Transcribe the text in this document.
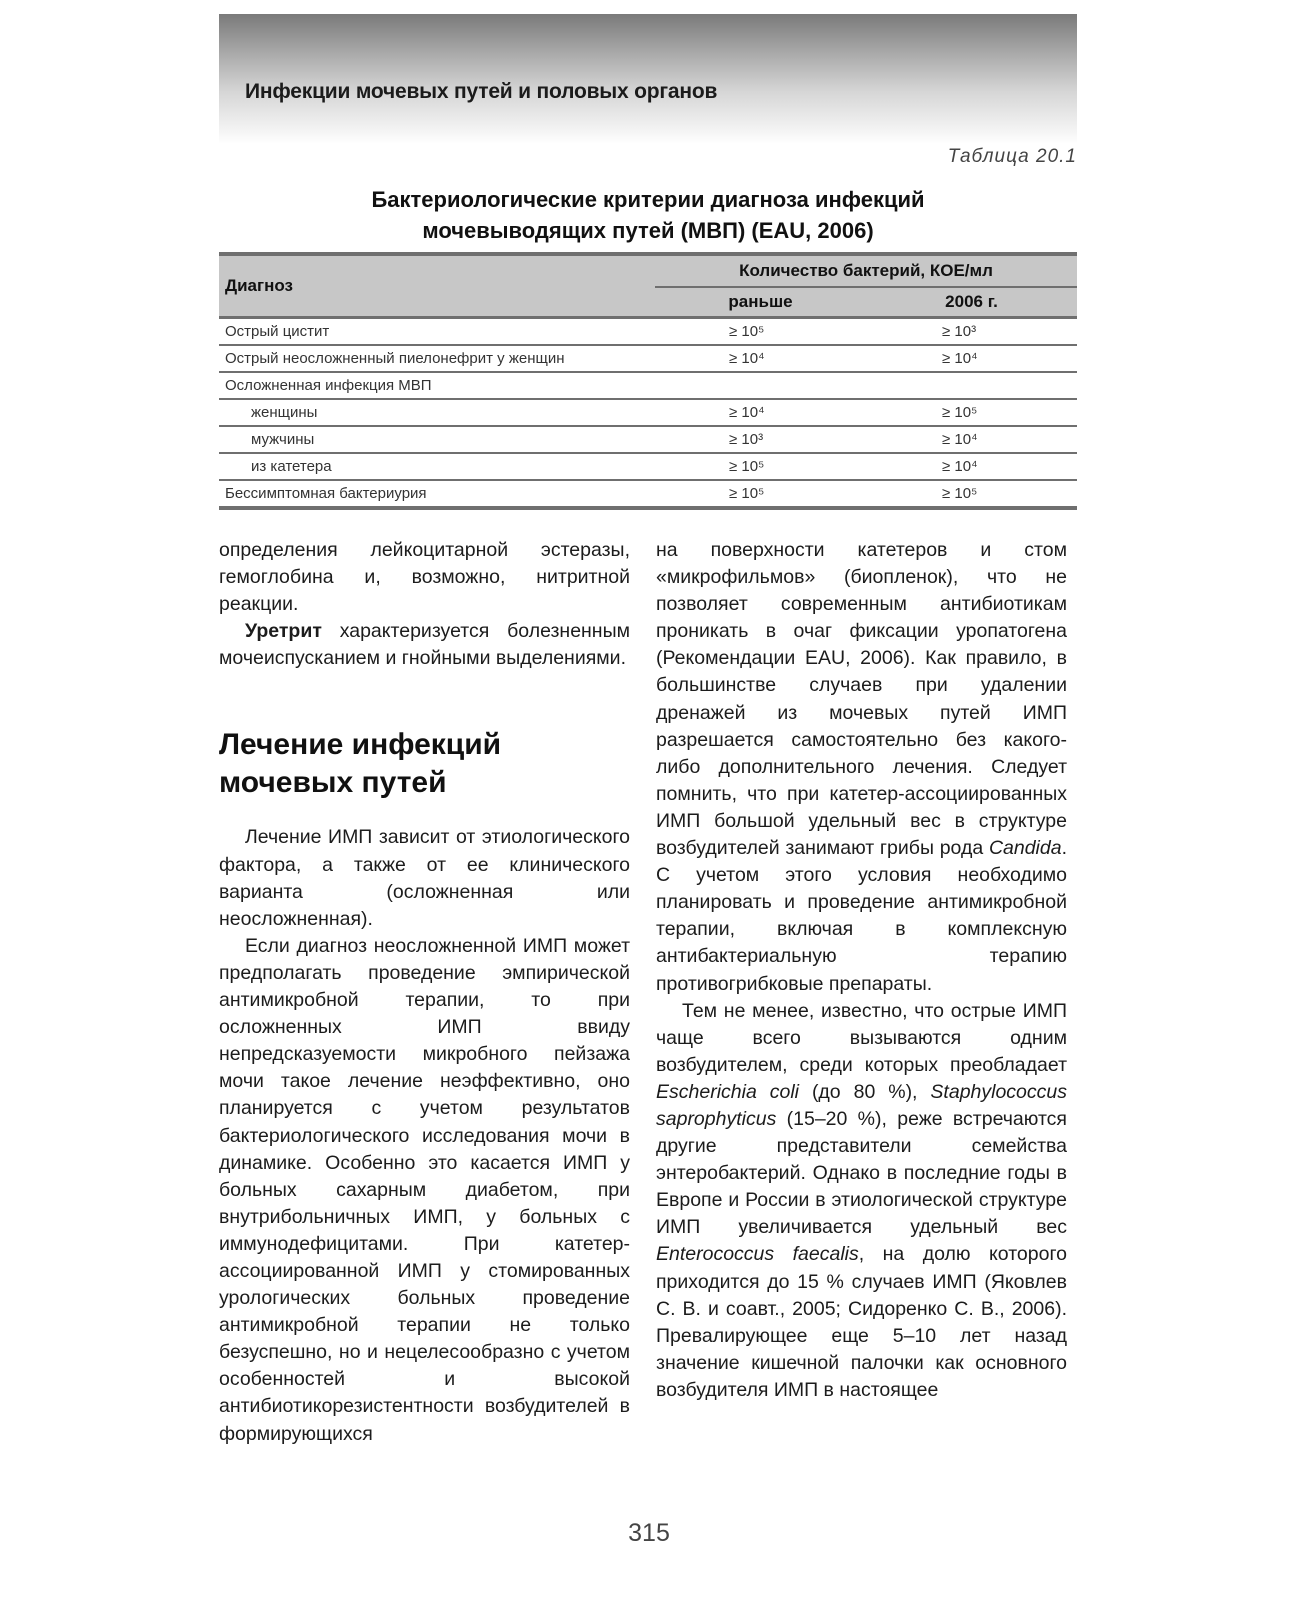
Инфекции мочевых путей и половых органов
Таблица 20.1
Бактериологические критерии диагноза инфекций
мочевыводящих путей (МВП) (EAU, 2006)
Диагноз	Количество бактерий, КОЕ/мл	
	раньше	2006 г.
Острый цистит	≥ 10⁵	≥ 10³
Острый неосложненный пиелонефрит у женщин	≥ 10⁴	≥ 10⁴
Осложненная инфекция МВП		
женщины	≥ 10⁴	≥ 10⁵
мужчины	≥ 10³	≥ 10⁴
из катетера	≥ 10⁵	≥ 10⁴
Бессимптомная бактериурия	≥ 10⁵	≥ 10⁵

определения лейкоцитарной эстеразы, гемоглобина и, возможно, нитритной реакции.

Уретрит характеризуется болезненным мочеиспусканием и гнойными выделениями.

Лечение инфекций мочевых путей

Лечение ИМП зависит от этиологического фактора, а также от ее клинического варианта (осложненная или неосложненная).

Если диагноз неосложненной ИМП может предполагать проведение эмпирической антимикробной терапии, то при осложненных ИМП ввиду непредсказуемости микробного пейзажа мочи такое лечение неэффективно, оно планируется с учетом результатов бактериологического исследования мочи в динамике. Особенно это касается ИМП у больных сахарным диабетом, при внутрибольничных ИМП, у больных с иммунодефицитами. При катетер-ассоциированной ИМП у стомированных урологических больных проведение антимикробной терапии не только безуспешно, но и нецелесообразно с учетом особенностей и высокой антибиотикорезистентности возбудителей в формирующихся

на поверхности катетеров и стом «микрофильмов» (биопленок), что не позволяет современным антибиотикам проникать в очаг фиксации уропатогена (Рекомендации EAU, 2006). Как правило, в большинстве случаев при удалении дренажей из мочевых путей ИМП разрешается самостоятельно без какого-либо дополнительного лечения. Следует помнить, что при катетер-ассоциированных ИМП большой удельный вес в структуре возбудителей занимают грибы рода Candida. С учетом этого условия необходимо планировать и проведение антимикробной терапии, включая в комплексную антибактериальную терапию противогрибковые препараты.

Тем не менее, известно, что острые ИМП чаще всего вызываются одним возбудителем, среди которых преобладает Escherichia coli (до 80 %), Staphylococcus saprophyticus (15–20 %), реже встречаются другие представители семейства энтеробактерий. Однако в последние годы в Европе и России в этиологической структуре ИМП увеличивается удельный вес Enterococcus faecalis, на долю которого приходится до 15 % случаев ИМП (Яковлев С. В. и соавт., 2005; Сидоренко С. В., 2006). Превалирующее еще 5–10 лет назад значение кишечной палочки как основного возбудителя ИМП в настоящее

315
